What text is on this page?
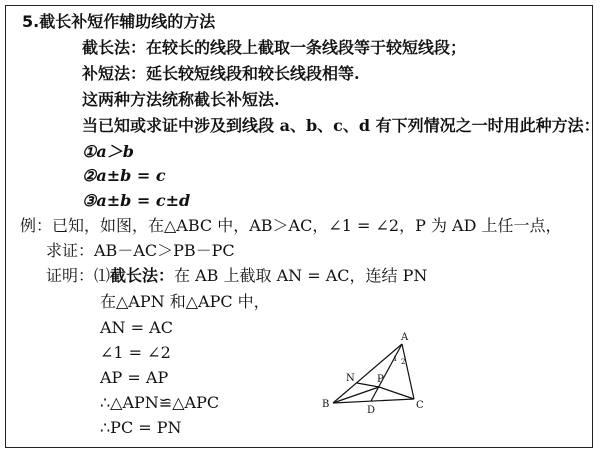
5.截长补短作辅助线的方法
截长法：在较长的线段上截取一条线段等于较短线段；
补短法：延长较短线段和较长线段相等.
这两种方法统称截长补短法.
当已知或求证中涉及到线段 a、b、c、d 有下列情况之一时用此种方法：
①a＞b
②a±b = c
③a±b = c±d
例：已知，如图，在△ABC 中，AB＞AC，∠1 = ∠2，P 为 AD 上任一点，
求证：AB－AC＞PB－PC
证明：⑴截长法：在 AB 上截取 AN = AC，连结 PN
在△APN 和△APC 中，
AN = AC
∠1 = ∠2
AP = AP
∴△APN≌△APC
∴PC = PN
A
B	C
D
N P
1 2
